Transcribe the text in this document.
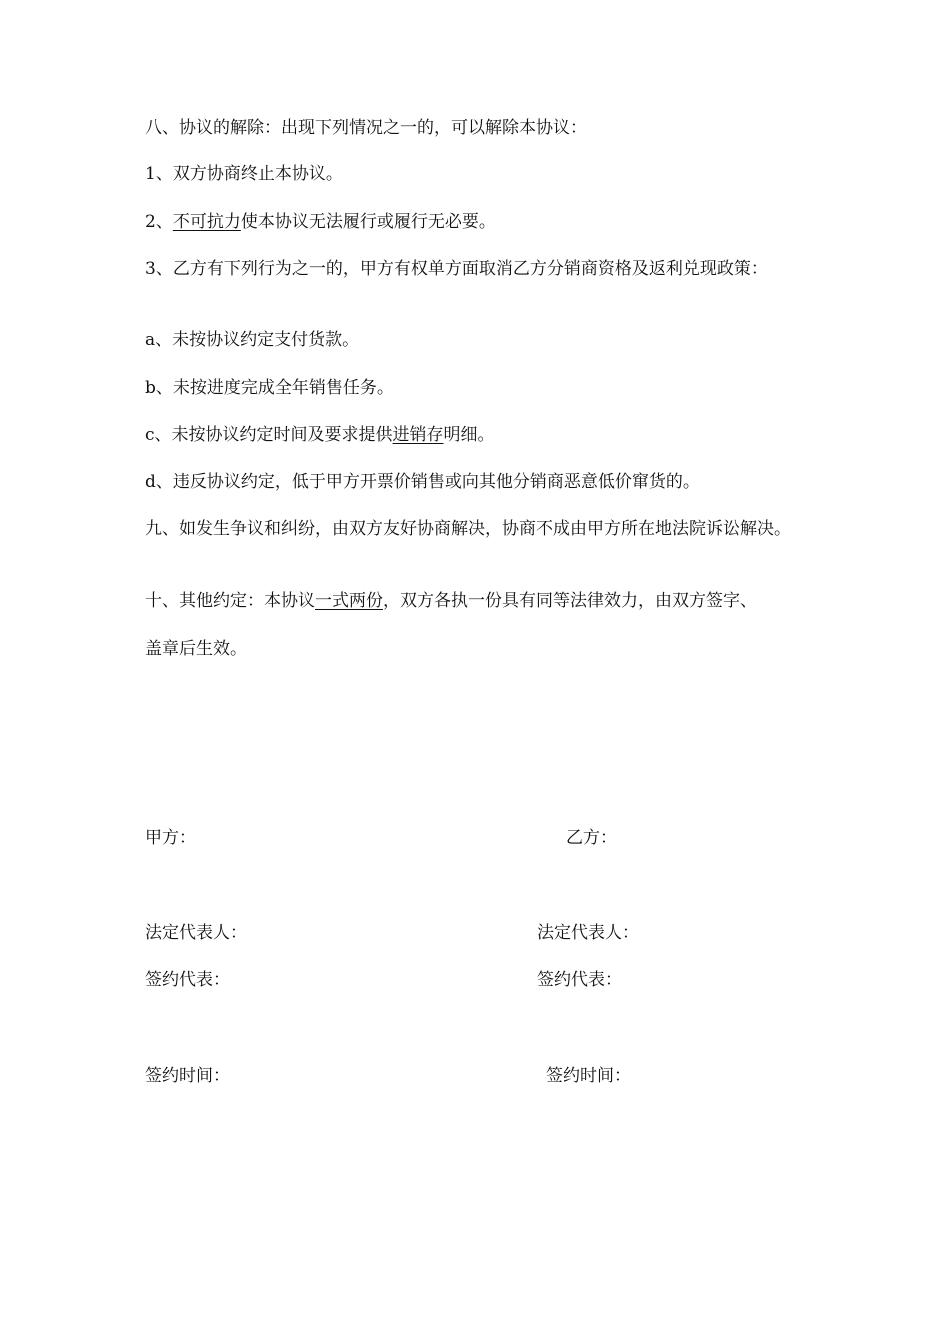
八、协议的解除：出现下列情况之一的，可以解除本协议：
1、双方协商终止本协议。
2、不可抗力使本协议无法履行或履行无必要。
3、乙方有下列行为之一的，甲方有权单方面取消乙方分销商资格及返利兑现政策：
a、未按协议约定支付货款。
b、未按进度完成全年销售任务。
c、未按协议约定时间及要求提供进销存明细。
d、违反协议约定，低于甲方开票价销售或向其他分销商恶意低价窜货的。
九、如发生争议和纠纷，由双方友好协商解决，协商不成由甲方所在地法院诉讼解决。
十、其他约定：本协议一式两份，双方各执一份具有同等法律效力，由双方签字、
盖章后生效。
甲方：	乙方：
法定代表人：	法定代表人：
签约代表：	签约代表：
签约时间：	签约时间：
